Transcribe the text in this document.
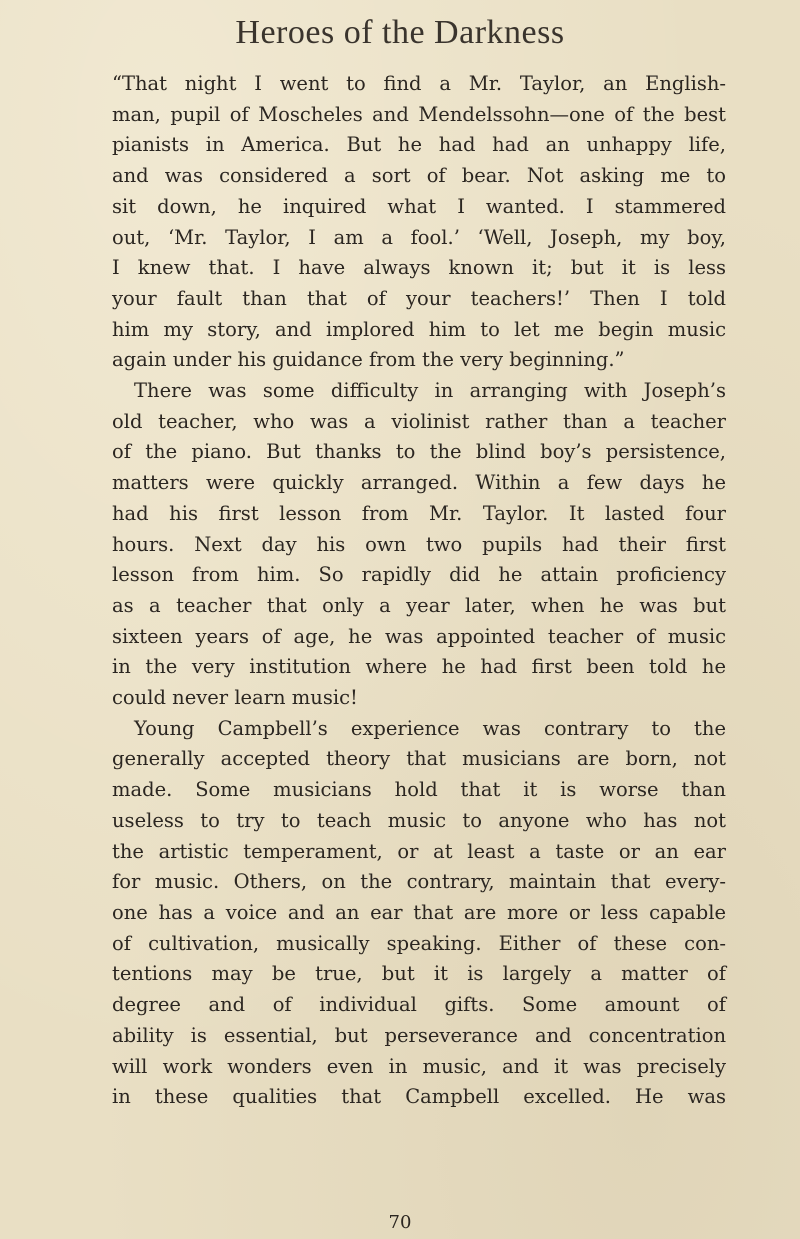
Heroes of the Darkness
“That night I went to find a Mr. Taylor, an English-
man, pupil of Moscheles and Mendelssohn—one of the best
pianists in America. But he had had an unhappy life,
and was considered a sort of bear. Not asking me to
sit down, he inquired what I wanted. I stammered
out, ‘Mr. Taylor, I am a fool.’ ‘Well, Joseph, my boy,
I knew that. I have always known it; but it is less
your fault than that of your teachers!’ Then I told
him my story, and implored him to let me begin music
again under his guidance from the very beginning.”
There was some difficulty in arranging with Joseph’s
old teacher, who was a violinist rather than a teacher
of the piano. But thanks to the blind boy’s persistence,
matters were quickly arranged. Within a few days he
had his first lesson from Mr. Taylor. It lasted four
hours. Next day his own two pupils had their first
lesson from him. So rapidly did he attain proficiency
as a teacher that only a year later, when he was but
sixteen years of age, he was appointed teacher of music
in the very institution where he had first been told he
could never learn music!
Young Campbell’s experience was contrary to the
generally accepted theory that musicians are born, not
made. Some musicians hold that it is worse than
useless to try to teach music to anyone who has not
the artistic temperament, or at least a taste or an ear
for music. Others, on the contrary, maintain that every-
one has a voice and an ear that are more or less capable
of cultivation, musically speaking. Either of these con-
tentions may be true, but it is largely a matter of
degree and of individual gifts. Some amount of
ability is essential, but perseverance and concentration
will work wonders even in music, and it was precisely
in these qualities that Campbell excelled. He was
70
